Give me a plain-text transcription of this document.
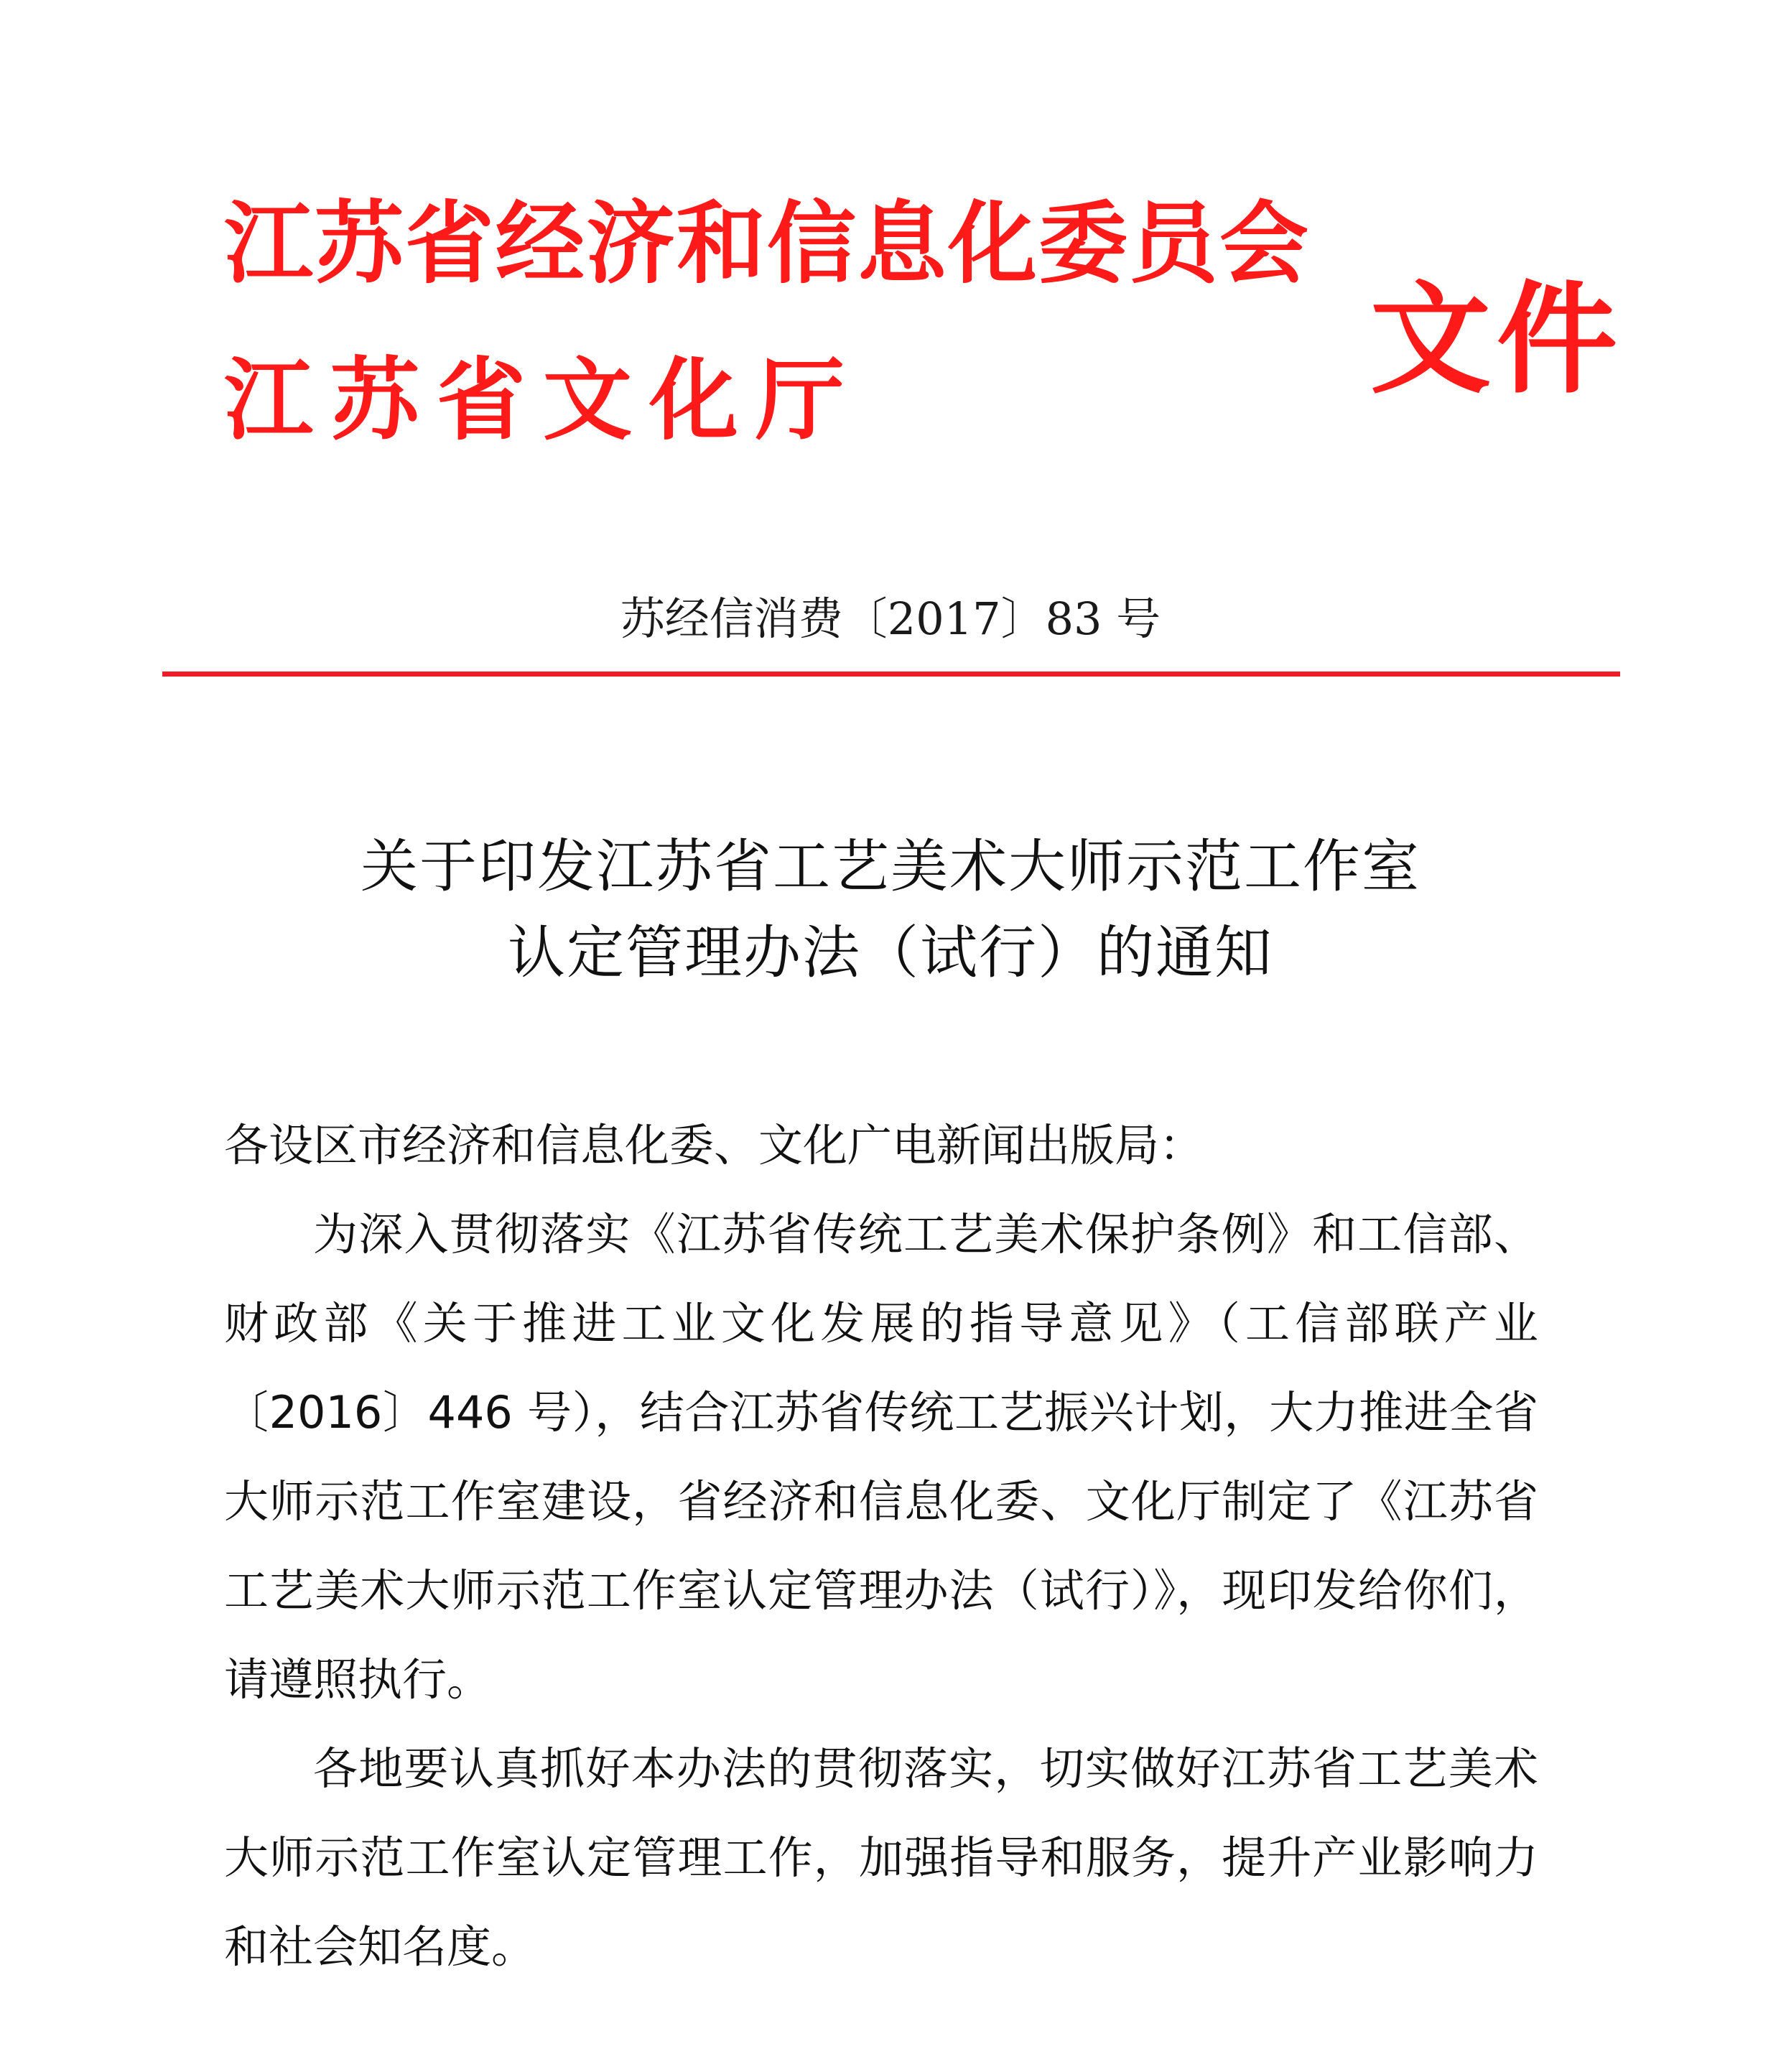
江苏省经济和信息化委员会
江苏省文化厅	文件
苏经信消费〔2017〕83 号
关于印发江苏省工艺美术大师示范工作室
认定管理办法（试行）的通知

各设区市经济和信息化委、文化广电新闻出版局：

为深入贯彻落实《江苏省传统工艺美术保护条例》和工信部、财政部《关于推进工业文化发展的指导意见》（工信部联产业〔2016〕446 号），结合江苏省传统工艺振兴计划，大力推进全省大师示范工作室建设，省经济和信息化委、文化厅制定了《江苏省工艺美术大师示范工作室认定管理办法（试行）》，现印发给你们，请遵照执行。

各地要认真抓好本办法的贯彻落实，切实做好江苏省工艺美术大师示范工作室认定管理工作，加强指导和服务，提升产业影响力和社会知名度。
